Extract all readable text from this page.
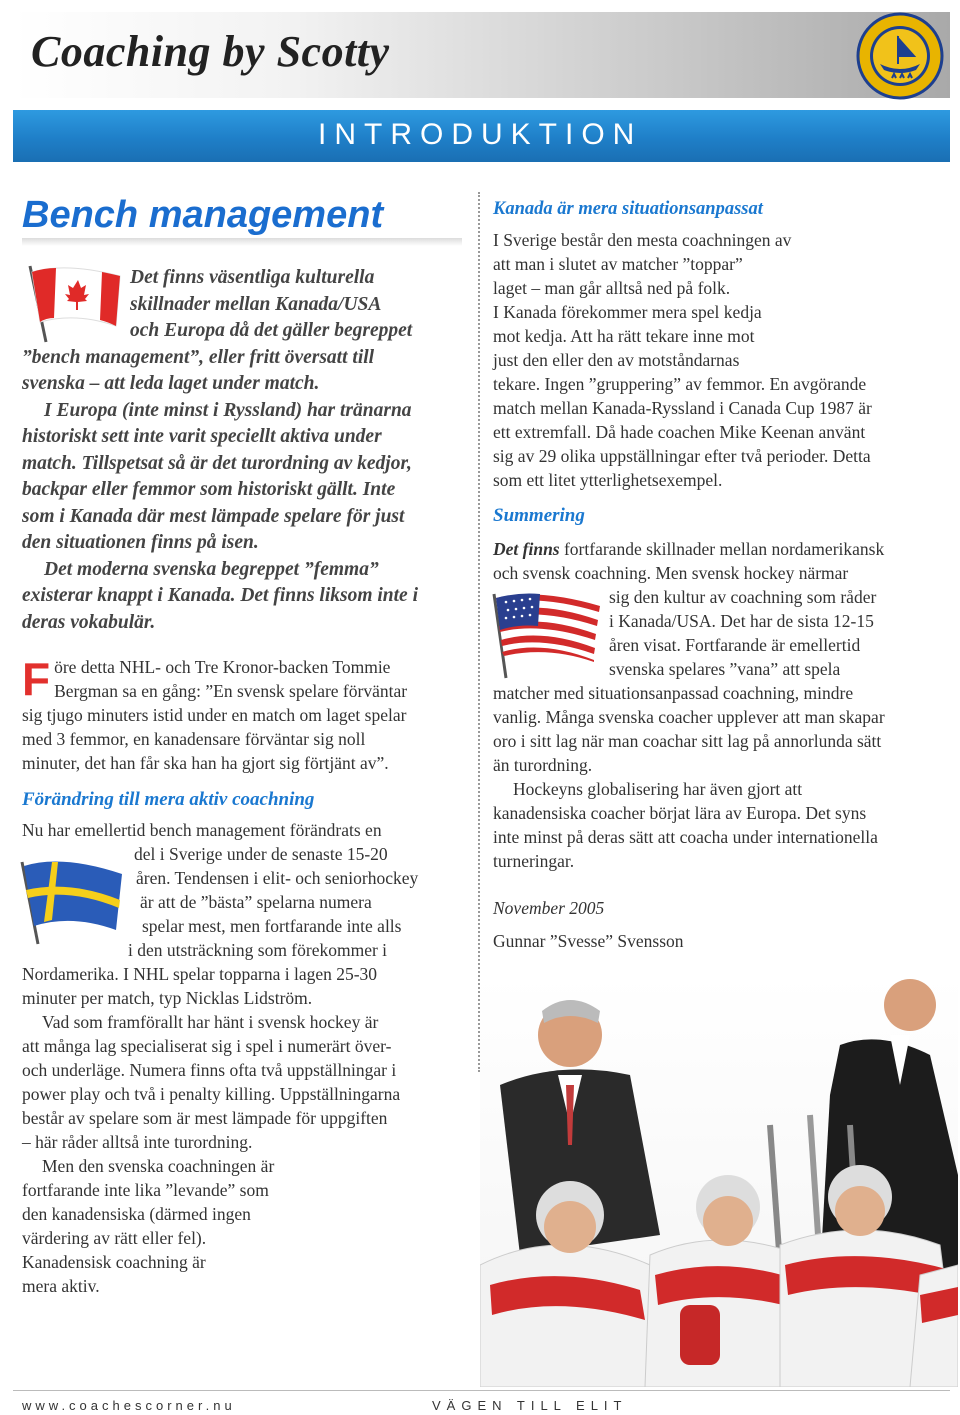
Coaching by Scotty
INTRODUKTION
Bench management
Det finns väsentliga kulturella
skillnader mellan Kanada/USA
och Europa då det gäller begreppet
”bench management”, eller fritt översatt till
svenska – att leda laget under match.
I Europa (inte minst i Ryssland) har tränarna
historiskt sett inte varit speciellt aktiva under
match. Tillspetsat så är det turordning av kedjor,
backpar eller femmor som historiskt gällt. Inte
som i Kanada där mest lämpade spelare för just
den situationen finns på isen.
Det moderna svenska begreppet ”femma”
existerar knappt i Kanada. Det finns liksom inte i
deras vokabulär.
F öre detta NHL- och Tre Kronor-backen Tommie
Bergman sa en gång: ”En svensk spelare förväntar
sig tjugo minuters istid under en match om laget spelar
med 3 femmor, en kanadensare förväntar sig noll
minuter, det han får ska han ha gjort sig förtjänt av”.
Förändring till mera aktiv coachning
Nu har emellertid bench management förändrats en
del i Sverige under de senaste 15-20
åren. Tendensen i elit- och seniorhockey
är att de ”bästa” spelarna numera
spelar mest, men fortfarande inte alls
i den utsträckning som förekommer i
Nordamerika. I NHL spelar topparna i lagen 25-30
minuter per match, typ Nicklas Lidström.
Vad som framförallt har hänt i svensk hockey är
att många lag specialiserat sig i spel i numerärt över-
och underläge. Numera finns ofta två uppställningar i
power play och två i penalty killing. Uppställningarna
består av spelare som är mest lämpade för uppgiften
– här råder alltså inte turordning.
Men den svenska coachningen är
fortfarande inte lika ”levande” som
den kanadensiska (därmed ingen
värdering av rätt eller fel).
Kanadensisk coachning är
mera aktiv.
Kanada är mera situationsanpassat
I Sverige består den mesta coachningen av
att man i slutet av matcher ”toppar”
laget – man går alltså ned på folk.
I Kanada förekommer mera spel kedja
mot kedja. Att ha rätt tekare inne mot
just den eller den av motståndarnas
tekare. Ingen ”gruppering” av femmor. En avgörande
match mellan Kanada-Ryssland i Canada Cup 1987 är
ett extremfall. Då hade coachen Mike Keenan använt
sig av 29 olika uppställningar efter två perioder. Detta
som ett litet ytterlighetsexempel.
Summering
Det finns fortfarande skillnader mellan nordamerikansk
och svensk coachning. Men svensk hockey närmar
sig den kultur av coachning som råder
i Kanada/USA. Det har de sista 12-15
åren visat. Fortfarande är emellertid
svenska spelares ”vana” att spela
matcher med situationsanpassad coachning, mindre
vanlig. Många svenska coacher upplever att man skapar
oro i sitt lag när man coachar sitt lag på annorlunda sätt
än turordning.
Hockeyns globalisering har även gjort att
kanadensiska coacher börjat lära av Europa. Det syns
inte minst på deras sätt att coacha under internationella
turneringar.
November 2005
Gunnar ”Svesse” Svensson
www.coachescorner.nu	VÄGEN TILL ELIT
